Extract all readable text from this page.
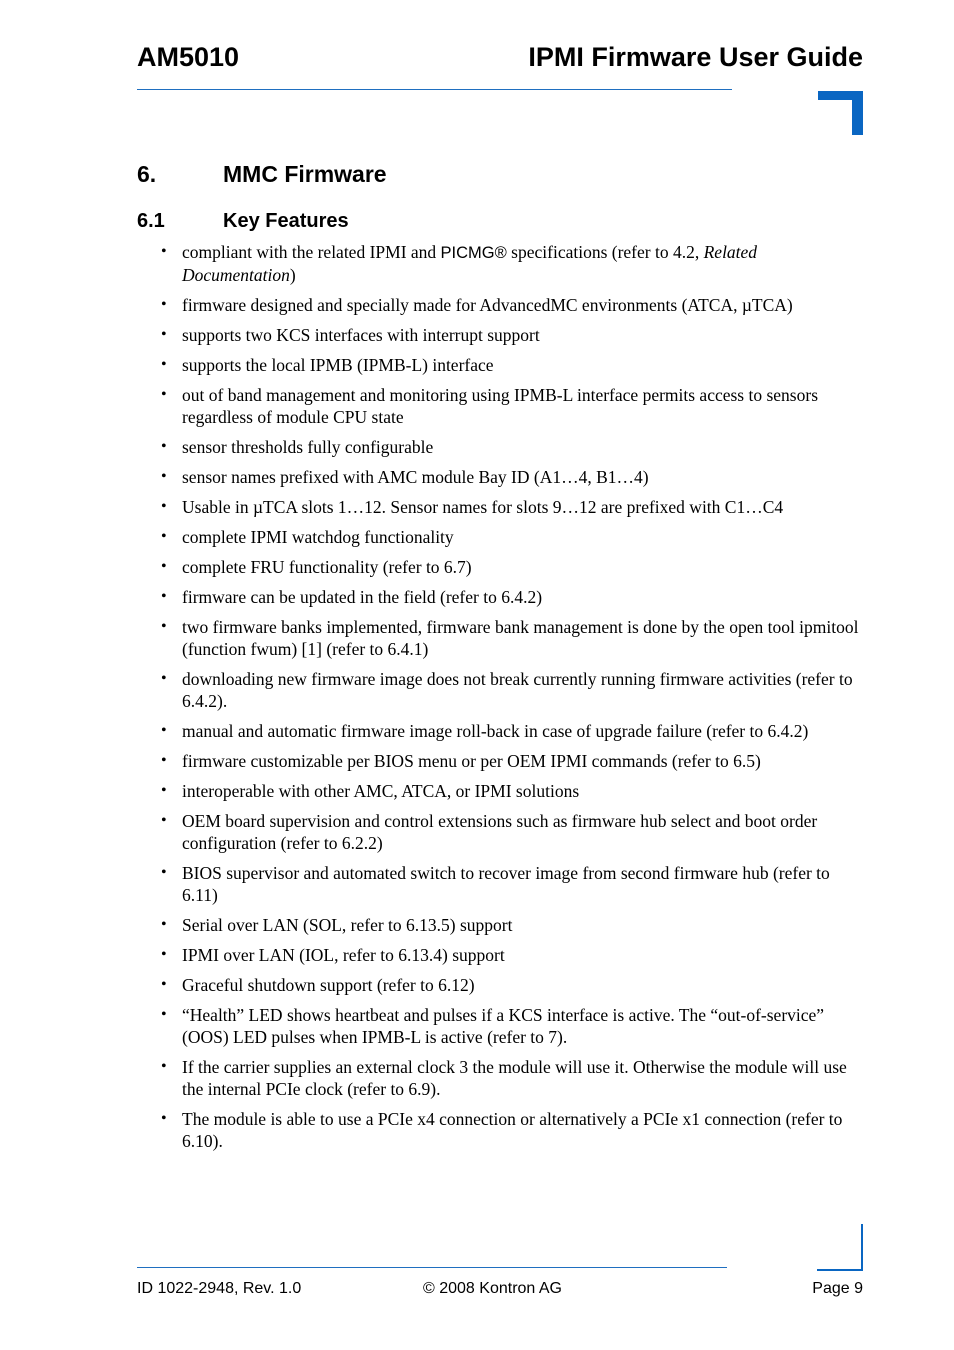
AM5010	IPMI Firmware User Guide
6.	MMC Firmware
6.1	Key Features
• compliant with the related IPMI and PICMG® specifications (refer to 4.2, Related Documentation)
• firmware designed and specially made for AdvancedMC environments (ATCA, µTCA)
• supports two KCS interfaces with interrupt support
• supports the local IPMB (IPMB-L) interface
• out of band management and monitoring using IPMB-L interface permits access to sensors regardless of module CPU state
• sensor thresholds fully configurable
• sensor names prefixed with AMC module Bay ID (A1…4, B1…4)
• Usable in µTCA slots 1…12. Sensor names for slots 9…12 are prefixed with C1…C4
• complete IPMI watchdog functionality
• complete FRU functionality (refer to 6.7)
• firmware can be updated in the field (refer to 6.4.2)
• two firmware banks implemented, firmware bank management is done by the open tool ipmitool (function fwum) [1] (refer to 6.4.1)
• downloading new firmware image does not break currently running firmware activities (refer to 6.4.2).
• manual and automatic firmware image roll-back in case of upgrade failure (refer to 6.4.2)
• firmware customizable per BIOS menu or per OEM IPMI commands (refer to 6.5)
• interoperable with other AMC, ATCA, or IPMI solutions
• OEM board supervision and control extensions such as firmware hub select and boot order configuration (refer to 6.2.2)
• BIOS supervisor and automated switch to recover image from second firmware hub (refer to 6.11)
• Serial over LAN (SOL, refer to 6.13.5) support
• IPMI over LAN (IOL, refer to 6.13.4) support
• Graceful shutdown support (refer to 6.12)
• “Health” LED shows heartbeat and pulses if a KCS interface is active. The “out-of-service” (OOS) LED pulses when IPMB-L is active (refer to 7).
• If the carrier supplies an external clock 3 the module will use it. Otherwise the module will use the internal PCIe clock (refer to 6.9).
• The module is able to use a PCIe x4 connection or alternatively a PCIe x1 connection (refer to 6.10).
ID 1022-2948, Rev. 1.0	© 2008 Kontron AG	Page 9
